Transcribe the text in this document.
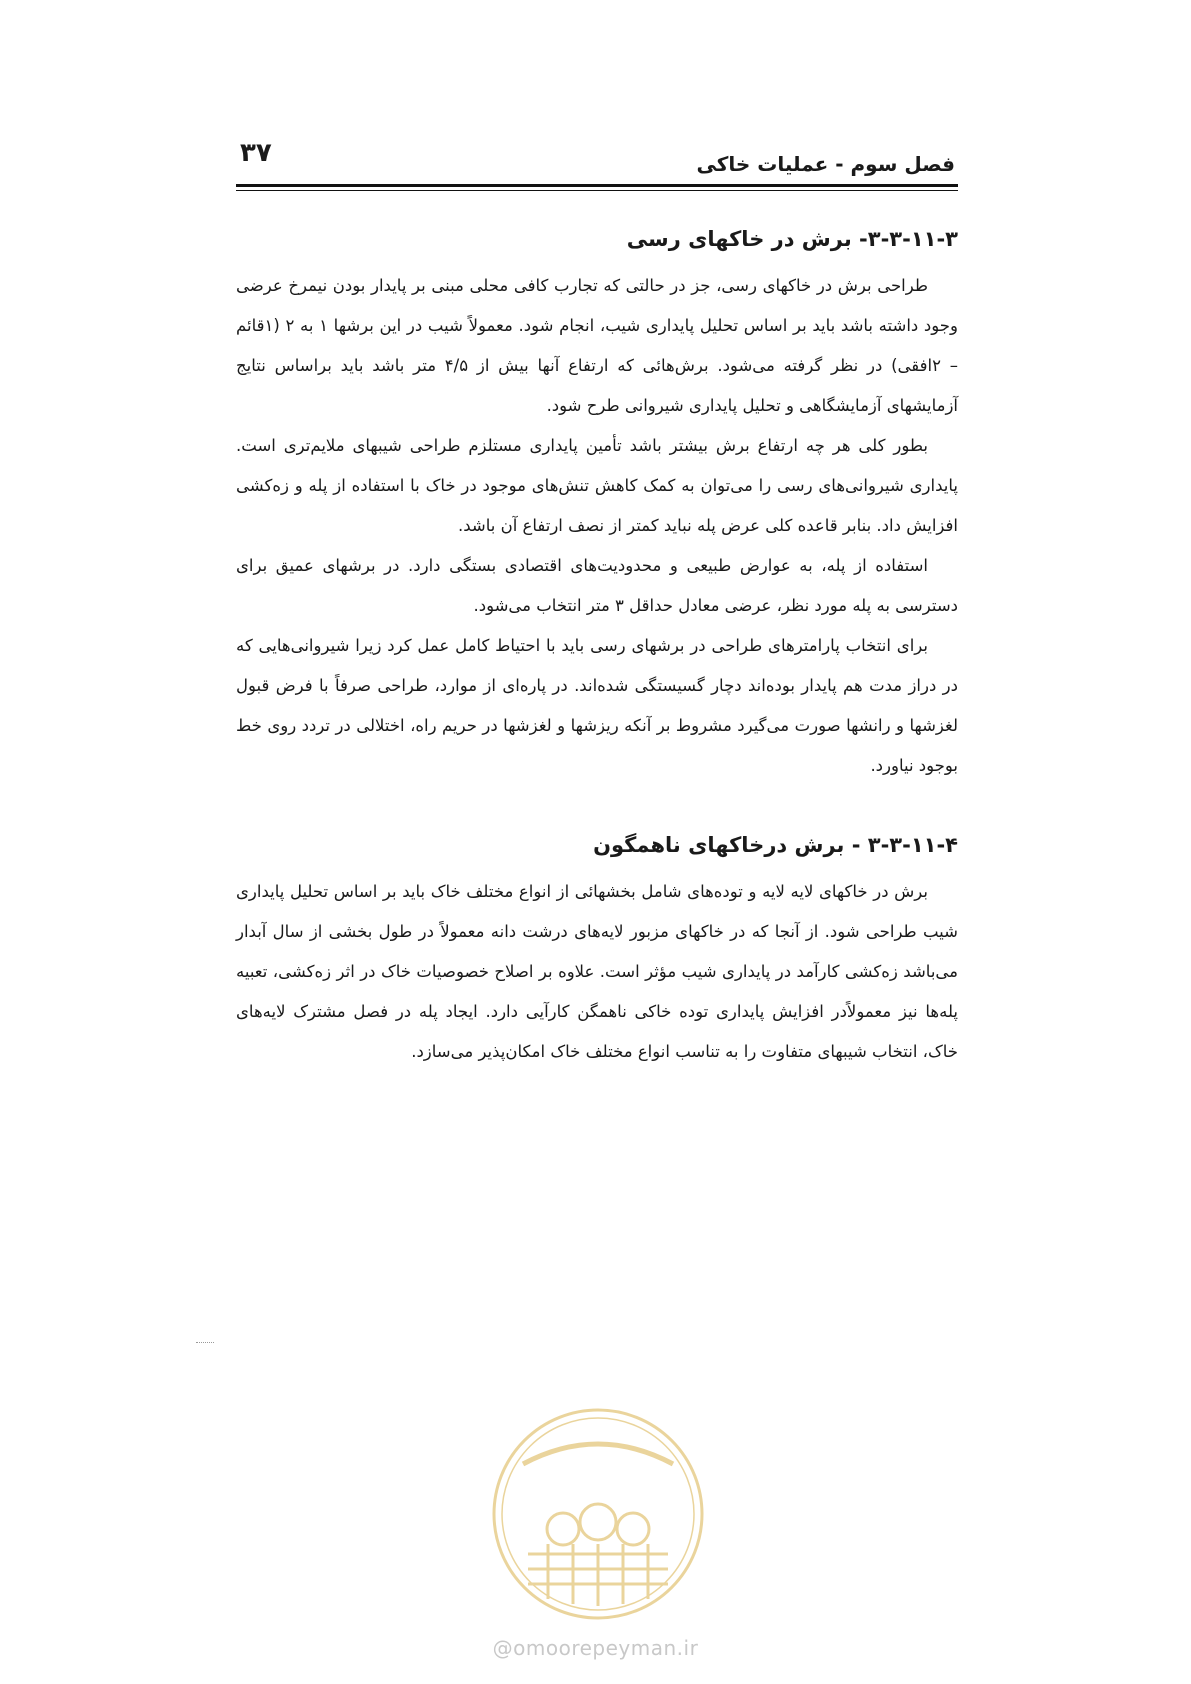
۳۷	فصل سوم - عملیات خاکی
۳-۳-۱۱-۳- برش در خاکهای رسی

طراحی برش در خاکهای رسی، جز در حالتی که تجارب کافی محلی مبنی بر پایدار بودن نیمرخ عرضی وجود داشته باشد باید بر اساس تحلیل پایداری شیب، انجام شود. معمولاً شیب در این برشها ۱ به ۲ (۱قائم – ۲افقی) در نظر گرفته می‌شود. برش‌هائی که ارتفاع آنها بیش از ۴/۵ متر باشد باید براساس نتایج آزمایشهای آزمایشگاهی و تحلیل پایداری شیروانی طرح شود.

بطور کلی هر چه ارتفاع برش بیشتر باشد تأمین پایداری مستلزم طراحی شیبهای ملایم‌تری است. پایداری شیروانی‌های رسی را می‌توان به کمک کاهش تنش‌های موجود در خاک با استفاده از پله و زه‌کشی افزایش داد. بنابر قاعده کلی عرض پله نباید کمتر از نصف ارتفاع آن باشد.

استفاده از پله، به عوارض طبیعی و محدودیت‌های اقتصادی بستگی دارد. در برشهای عمیق برای دسترسی به پله مورد نظر، عرضی معادل حداقل ۳ متر انتخاب می‌شود.

برای انتخاب پارامترهای طراحی در برشهای رسی باید با احتیاط کامل عمل کرد زیرا شیروانی‌هایی که در دراز مدت هم پایدار بوده‌اند دچار گسیستگی شده‌اند. در پاره‌ای از موارد، طراحی صرفاً با فرض قبول لغزشها و رانشها صورت می‌گیرد مشروط بر آنکه ریزشها و لغزشها در حریم راه، اختلالی در تردد روی خط بوجود نیاورد.

۳-۳-۱۱-۴ - برش درخاکهای ناهمگون

برش در خاکهای لایه لایه و توده‌های شامل بخشهائی از انواع مختلف خاک باید بر اساس تحلیل پایداری شیب طراحی شود. از آنجا که در خاکهای مزبور لایه‌های درشت دانه معمولاً در طول بخشی از سال آبدار می‌باشد زه‌کشی کارآمد در پایداری شیب مؤثر است. علاوه بر اصلاح خصوصیات خاک در اثر زه‌کشی، تعبیه پله‌ها نیز معمولاًدر افزایش پایداری توده خاکی ناهمگن کارآیی دارد. ایجاد پله در فصل مشترک لایه‌های خاک، انتخاب شیبهای متفاوت را به تناسب انواع مختلف خاک امکان‌پذیر می‌سازد.

@omoorepeyman.ir
